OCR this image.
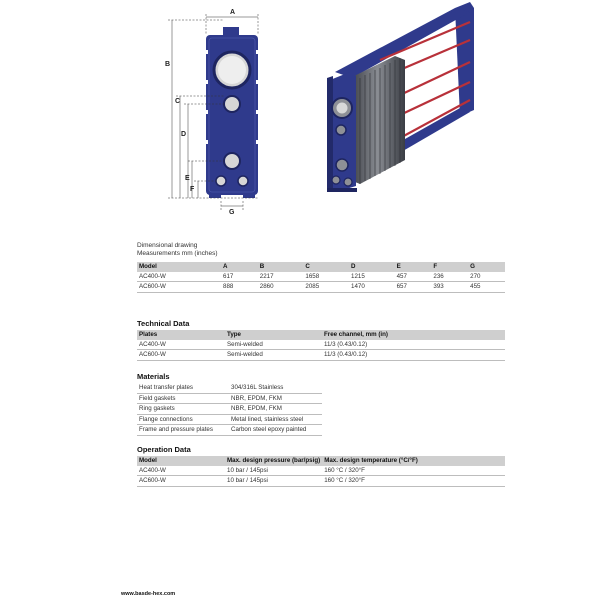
A
B
C
D
E
F
G
Dimensional drawing
Measurements mm (inches)
Model	A	B	C	D	E	F	G
AC400-W	617	2217	1658	1215	457	236	270
AC600-W	888	2860	2085	1470	657	393	455
Technical Data
Plates	Type	Free channel, mm (in)
AC400-W	Semi-welded	11/3 (0.43/0.12)
AC600-W	Semi-welded	11/3 (0.43/0.12)
Materials
Heat transfer plates	304/316L Stainless
Field gaskets	NBR, EPDM, FKM
Ring gaskets	NBR, EPDM, FKM
Flange connections	Metal lined, stainless steel
Frame and pressure plates	Carbon steel epoxy painted
Operation Data
Model	Max. design pressure (bar/psig)	Max. design temperature (°C/°F)
AC400-W	10 bar / 145psi	160 °C / 320°F
AC600-W	10 bar / 145psi	160 °C / 320°F
www.basde-hex.com
